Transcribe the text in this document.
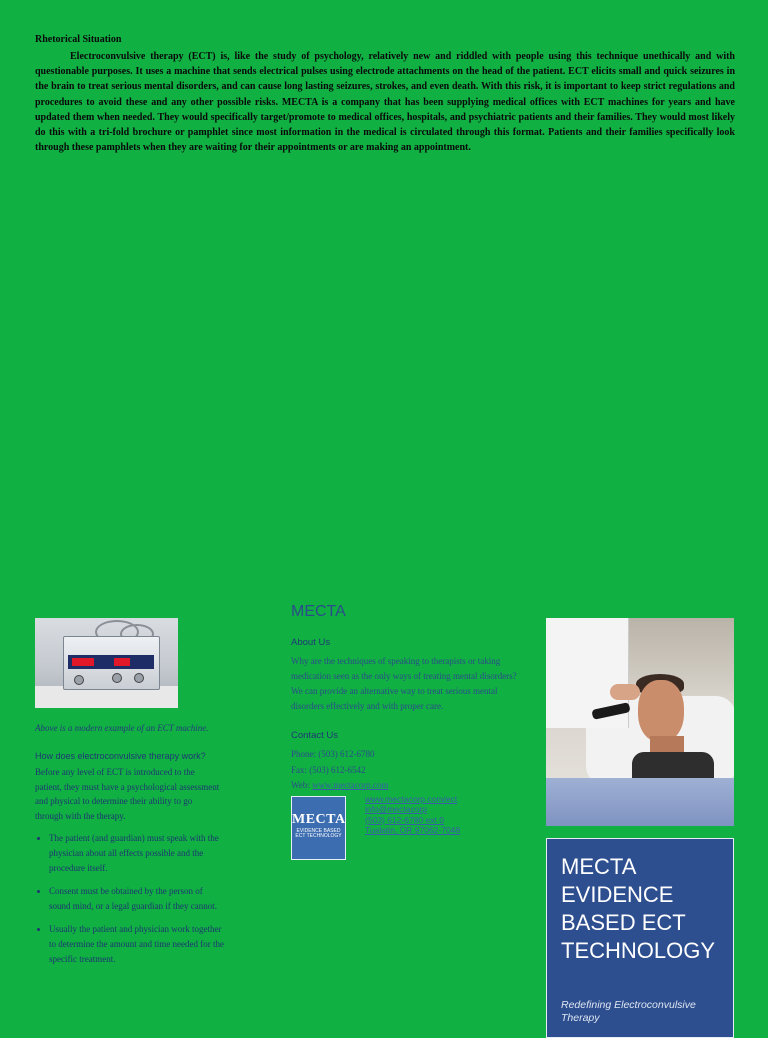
Rhetorical Situation

Electroconvulsive therapy (ECT) is, like the study of psychology, relatively new and riddled with people using this technique unethically and with questionable purposes. It uses a machine that sends electrical pulses using electrode attachments on the head of the patient. ECT elicits small and quick seizures in the brain to treat serious mental disorders, and can cause long lasting seizures, strokes, and even death. With this risk, it is important to keep strict regulations and procedures to avoid these and any other possible risks. MECTA is a company that has been supplying medical offices with ECT machines for years and have updated them when needed. They would specifically target/promote to medical offices, hospitals, and psychiatric patients and their families. They would most likely do this with a tri-fold brochure or pamphlet since most information in the medical is circulated through this format. Patients and their families specifically look through these pamphlets when they are waiting for their appointments or are making an appointment.

Above is a modern example of an ECT machine.

How does electroconvulsive therapy work?

Before any level of ECT is introduced to the patient, they must have a psychological assessment and physical to determine their ability to go through with the therapy.

• The patient (and guardian) must speak with the physician about all effects possible and the procedure itself.
• Consent must be obtained by the person of sound mind, or a legal guardian if they cannot.
• Usually the patient and physician work together to determine the amount and time needed for the specific treatment.

MECTA

About Us

Why are the techniques of speaking to therapists or taking medication seen as the only ways of treating mental disorders? We can provide an alternative way to treat serious mental disorders effectively and with proper care.

Contact Us

Phone: (503) 612-6780

Fax: (503) 612-6542

Web: www.mectacorp.com

MECTA
EVIDENCE BASED ECT TECHNOLOGY
www.mectacorp.com/ect
info@mectacorp
(503) 612-6780 ext 0
Tualatin, OR 97062-7048

MECTA EVIDENCE BASED ECT TECHNOLOGY

Redefining Electroconvulsive Therapy
